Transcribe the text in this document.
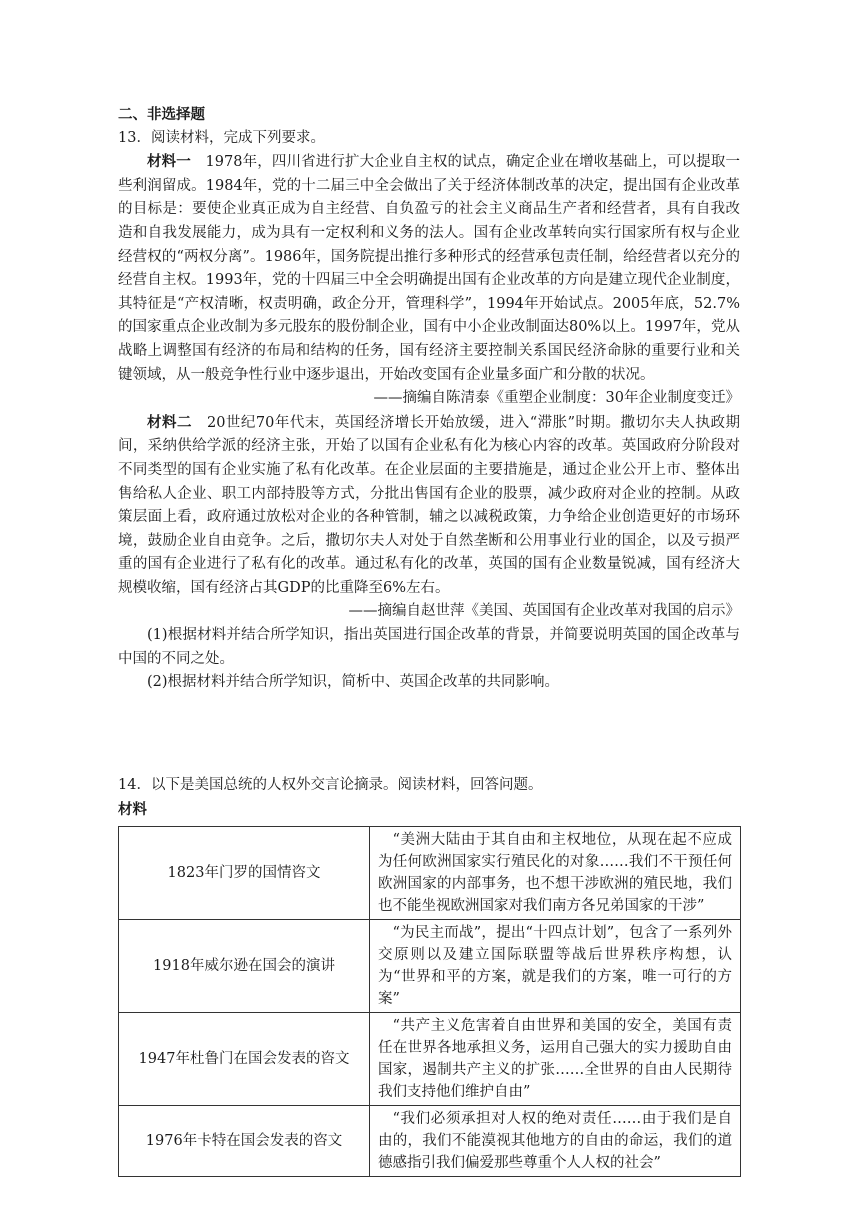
二、非选择题

13．阅读材料，完成下列要求。

材料一　1978年，四川省进行扩大企业自主权的试点，确定企业在增收基础上，可以提取一些利润留成。1984年，党的十二届三中全会做出了关于经济体制改革的决定，提出国有企业改革的目标是：要使企业真正成为自主经营、自负盈亏的社会主义商品生产者和经营者，具有自我改造和自我发展能力，成为具有一定权利和义务的法人。国有企业改革转向实行国家所有权与企业经营权的“两权分离”。1986年，国务院提出推行多种形式的经营承包责任制，给经营者以充分的经营自主权。1993年，党的十四届三中全会明确提出国有企业改革的方向是建立现代企业制度，其特征是“产权清晰，权责明确，政企分开，管理科学”，1994年开始试点。2005年底，52.7%的国家重点企业改制为多元股东的股份制企业，国有中小企业改制面达80%以上。1997年，党从战略上调整国有经济的布局和结构的任务，国有经济主要控制关系国民经济命脉的重要行业和关键领域，从一般竞争性行业中逐步退出，开始改变国有企业量多面广和分散的状况。

——摘编自陈清泰《重塑企业制度：30年企业制度变迁》

材料二　20世纪70年代末，英国经济增长开始放缓，进入“滞胀”时期。撒切尔夫人执政期间，采纳供给学派的经济主张，开始了以国有企业私有化为核心内容的改革。英国政府分阶段对不同类型的国有企业实施了私有化改革。在企业层面的主要措施是，通过企业公开上市、整体出售给私人企业、职工内部持股等方式，分批出售国有企业的股票，减少政府对企业的控制。从政策层面上看，政府通过放松对企业的各种管制，辅之以减税政策，力争给企业创造更好的市场环境，鼓励企业自由竞争。之后，撒切尔夫人对处于自然垄断和公用事业行业的国企，以及亏损严重的国有企业进行了私有化的改革。通过私有化的改革，英国的国有企业数量锐减，国有经济大规模收缩，国有经济占其GDP的比重降至6%左右。

——摘编自赵世萍《美国、英国国有企业改革对我国的启示》

(1)根据材料并结合所学知识，指出英国进行国企改革的背景，并简要说明英国的国企改革与中国的不同之处。

(2)根据材料并结合所学知识，简析中、英国企改革的共同影响。

14．以下是美国总统的人权外交言论摘录。阅读材料，回答问题。

材料

1823年门罗的国情咨文	“美洲大陆由于其自由和主权地位，从现在起不应成为任何欧洲国家实行殖民化的对象……我们不干预任何欧洲国家的内部事务，也不想干涉欧洲的殖民地，我们也不能坐视欧洲国家对我们南方各兄弟国家的干涉”
1918年威尔逊在国会的演讲	“为民主而战”，提出“十四点计划”，包含了一系列外交原则以及建立国际联盟等战后世界秩序构想，认为“世界和平的方案，就是我们的方案，唯一可行的方案”
1947年杜鲁门在国会发表的咨文	“共产主义危害着自由世界和美国的安全，美国有责任在世界各地承担义务，运用自己强大的实力援助自由国家，遏制共产主义的扩张……全世界的自由人民期待我们支持他们维护自由”
1976年卡特在国会发表的咨文	“我们必须承担对人权的绝对责任……由于我们是自由的，我们不能漠视其他地方的自由的命运，我们的道德感指引我们偏爱那些尊重个人人权的社会”
